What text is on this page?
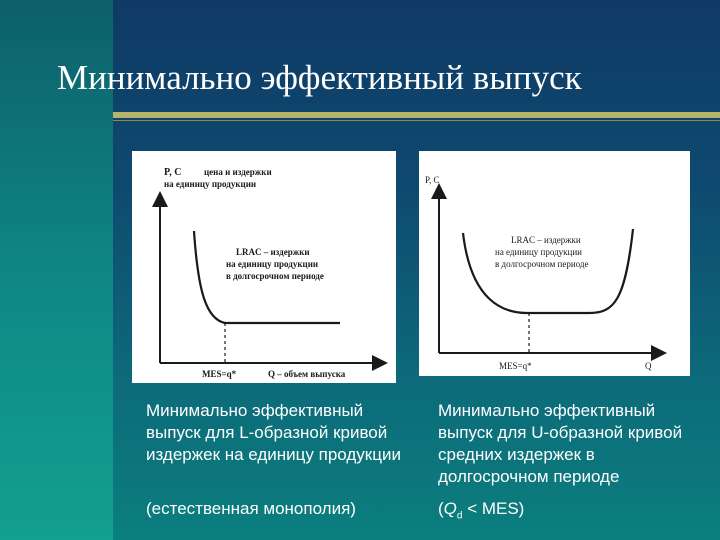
Минимально эффективный выпуск
P, C	цена и издержки
на единицу продукции
LRAC – издержки
на единицу продукции
в долгосрочном периоде
MES=q*	Q – объем выпуска
P, C
LRAC – издержки
на единицу продукции
в долгосрочном периоде
MES=q*	Q
Минимально эффективный выпуск для L-образной кривой издержек на единицу продукции
(естественная монополия)
Минимально эффективный выпуск для U-образной кривой средних издержек в долгосрочном периоде
$(Q_d < MES)$
